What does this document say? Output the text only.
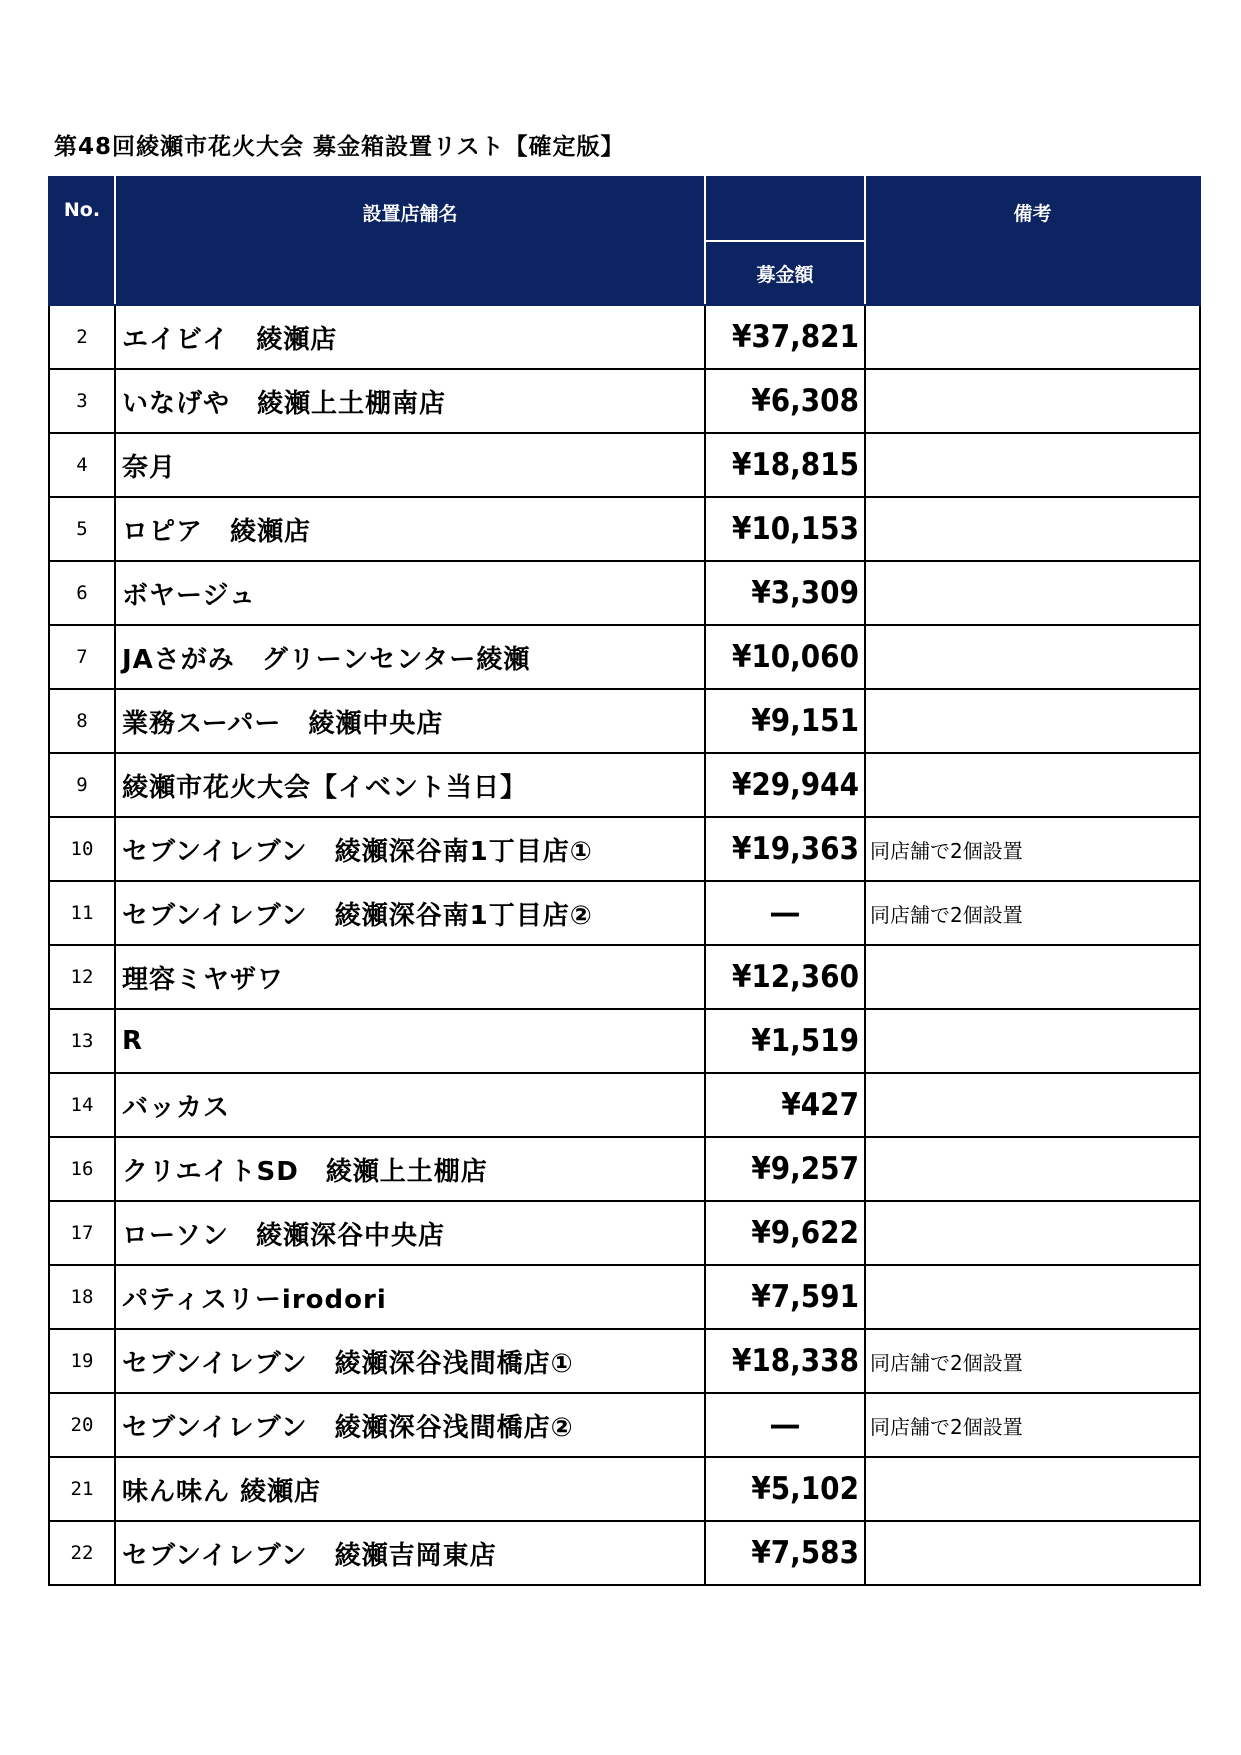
第48回綾瀬市花火大会 募金箱設置リスト【確定版】
No.	設置店舗名		備考
		募金額	
2	エイビイ　綾瀬店	¥37,821	
3	いなげや　綾瀬上土棚南店	¥6,308	
4	奈月	¥18,815	
5	ロピア　綾瀬店	¥10,153	
6	ボヤージュ	¥3,309	
7	JAさがみ　グリーンセンター綾瀬	¥10,060	
8	業務スーパー　綾瀬中央店	¥9,151	
9	綾瀬市花火大会【イベント当日】	¥29,944	
10	セブンイレブン　綾瀬深谷南1丁目店①	¥19,363	同店舗で2個設置
11	セブンイレブン　綾瀬深谷南1丁目店②	―	同店舗で2個設置
12	理容ミヤザワ	¥12,360	
13	R	¥1,519	
14	バッカス	¥427	
16	クリエイトSD　綾瀬上土棚店	¥9,257	
17	ローソン　綾瀬深谷中央店	¥9,622	
18	パティスリーirodori	¥7,591	
19	セブンイレブン　綾瀬深谷浅間橋店①	¥18,338	同店舗で2個設置
20	セブンイレブン　綾瀬深谷浅間橋店②	―	同店舗で2個設置
21	味ん味ん 綾瀬店	¥5,102	
22	セブンイレブン　綾瀬吉岡東店	¥7,583	
